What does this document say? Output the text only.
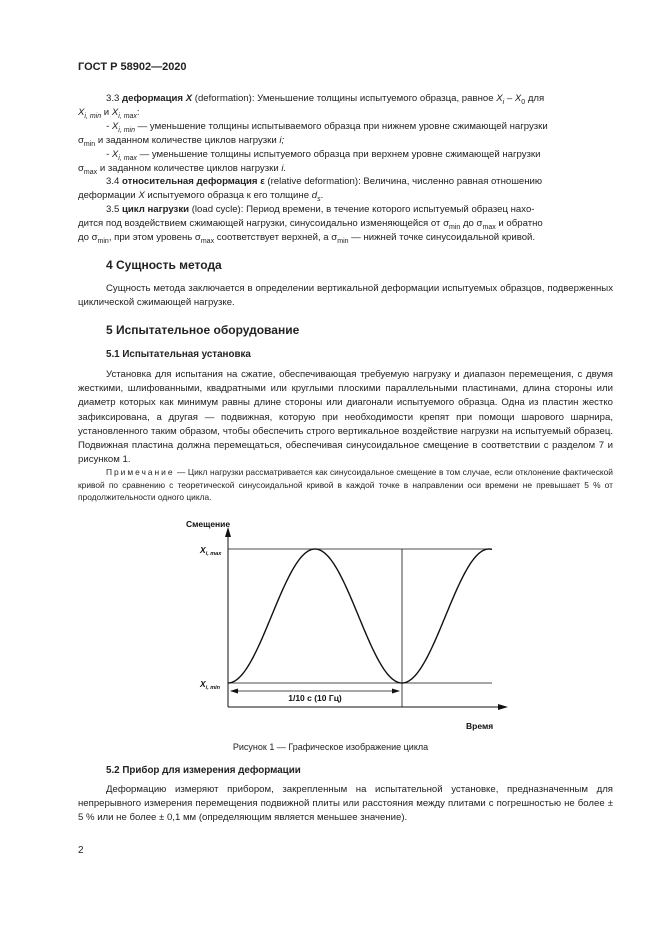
ГОСТ Р 58902—2020
3.3 деформация X (deformation): Уменьшение толщины испытуемого образца, равное $X_i - X_0$ для
$X_{i, min}$ и $X_{i, max}$:
- $X_{i, min}$ — уменьшение толщины испытываемого образца при нижнем уровне сжимающей нагрузки
$\sigma_{min}$ и заданном количестве циклов нагрузки i;
- $X_{i, max}$ — уменьшение толщины испытуемого образца при верхнем уровне сжимающей нагрузки
$\sigma_{max}$ и заданном количестве циклов нагрузки i.
3.4 относительная деформация ε (relative deformation): Величина, численно равная отношению
деформации X испытуемого образца к его толщине $d_s$.
3.5 цикл нагрузки (load cycle): Период времени, в течение которого испытуемый образец нахо-
дится под воздействием сжимающей нагрузки, синусоидально изменяющейся от $\sigma_{min}$ до $\sigma_{max}$ и обратно
до $\sigma_{min}$, при этом уровень $\sigma_{max}$ соответствует верхней, а $\sigma_{min}$ — нижней точке синусоидальной кривой.
4 Сущность метода
Сущность метода заключается в определении вертикальной деформации испытуемых образцов, подверженных циклической сжимающей нагрузке.
5 Испытательное оборудование
5.1 Испытательная установка
Установка для испытания на сжатие, обеспечивающая требуемую нагрузку и диапазон перемещения, с двумя жесткими, шлифованными, квадратными или круглыми плоскими параллельными пластинами, длина стороны или диаметр которых как минимум равны длине стороны или диагонали испытуемого образца. Одна из пластин жестко зафиксирована, а другая — подвижная, которую при необходимости крепят при помощи шарового шарнира, установленного таким образом, чтобы обеспечить строго вертикальное воздействие нагрузки на испытуемый образец. Подвижная пластина должна перемещаться, обеспечивая синусоидальное смещение в соответствии с разделом 7 и рисунком 1.
Примечание — Цикл нагрузки рассматривается как синусоидальное смещение в том случае, если отклонение фактической кривой по сравнению с теоретической синусоидальной кривой в каждой точке в направлении оси времени не превышает 5 % от продолжительности одного цикла.
Смещение
Время
$X_{i, max}$
$X_{i, min}$
1/10 с (10 Гц)
Рисунок 1 — Графическое изображение цикла
5.2 Прибор для измерения деформации
Деформацию измеряют прибором, закрепленным на испытательной установке, предназначенным для непрерывного измерения перемещения подвижной плиты или расстояния между плитами с погрешностью не более ± 5 % или не более ± 0,1 мм (определяющим является меньшее значение).
2
